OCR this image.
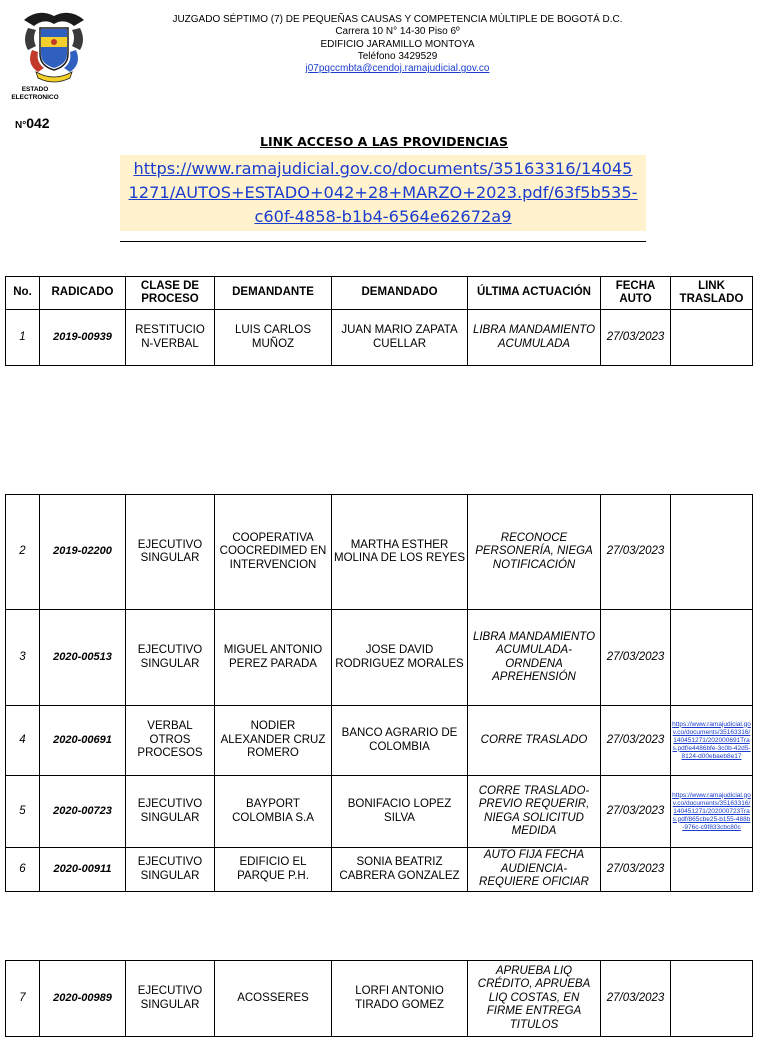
JUZGADO SÉPTIMO (7) DE PEQUEÑAS CAUSAS Y COMPETENCIA MÚLTIPLE DE BOGOTÁ D.C.
Carrera 10 N° 14-30 Piso 6º
EDIFICIO JARAMILLO MONTOYA
Teléfono 3429529
j07pqccmbta@cendoj.ramajudicial.gov.co
ESTADO ELECTRONICO
N°042
LINK ACCESO A LAS PROVIDENCIAS
https://www.ramajudicial.gov.co/documents/35163316/14045
1271/AUTOS+ESTADO+042+28+MARZO+2023.pdf/63f5b535-
c60f-4858-b1b4-6564e62672a9
No.	RADICADO	CLASE DE PROCESO	DEMANDANTE	DEMANDADO	ÚLTIMA ACTUACIÓN	FECHA AUTO	LINK TRASLADO
1	2019-00939	RESTITUCIO N-VERBAL	LUIS CARLOS MUÑOZ	JUAN MARIO ZAPATA CUELLAR	LIBRA MANDAMIENTO ACUMULADA	27/03/2023	
2	2019-02200	EJECUTIVO SINGULAR	COOPERATIVA COOCREDIMED EN INTERVENCION	MARTHA ESTHER MOLINA DE LOS REYES	RECONOCE PERSONERÍA, NIEGA NOTIFICACIÓN	27/03/2023	
3	2020-00513	EJECUTIVO SINGULAR	MIGUEL ANTONIO PEREZ PARADA	JOSE DAVID RODRIGUEZ MORALES	LIBRA MANDAMIENTO ACUMULADA- ORNDENA APREHENSIÓN	27/03/2023	
4	2020-00691	VERBAL OTROS PROCESOS	NODIER ALEXANDER CRUZ ROMERO	BANCO AGRARIO DE COLOMBIA	CORRE TRASLADO	27/03/2023	https://www.ramajudicial.gov.co/documents/35163316/140451271/202000691Tras.pdf/e4486bfe-3c0b-42d5-8124-d00ebaeb8e17
5	2020-00723	EJECUTIVO SINGULAR	BAYPORT COLOMBIA S.A	BONIFACIO LOPEZ SILVA	CORRE TRASLADO- PREVIO REQUERIR, NIEGA SOLICITUD MEDIDA	27/03/2023	https://www.ramajudicial.gov.co/documents/35163316/140451271/202000723Tras.pdf/865cbe25-b155-488b-976c-c9f833cbc80c
6	2020-00911	EJECUTIVO SINGULAR	EDIFICIO EL PARQUE P.H.	SONIA BEATRIZ CABRERA GONZALEZ	AUTO FIJA FECHA AUDIENCIA- REQUIERE OFICIAR	27/03/2023	
7	2020-00989	EJECUTIVO SINGULAR	ACOSSERES	LORFI ANTONIO TIRADO GOMEZ	APRUEBA LIQ CRÉDITO, APRUEBA LIQ COSTAS, EN FIRME ENTREGA TITULOS	27/03/2023	
